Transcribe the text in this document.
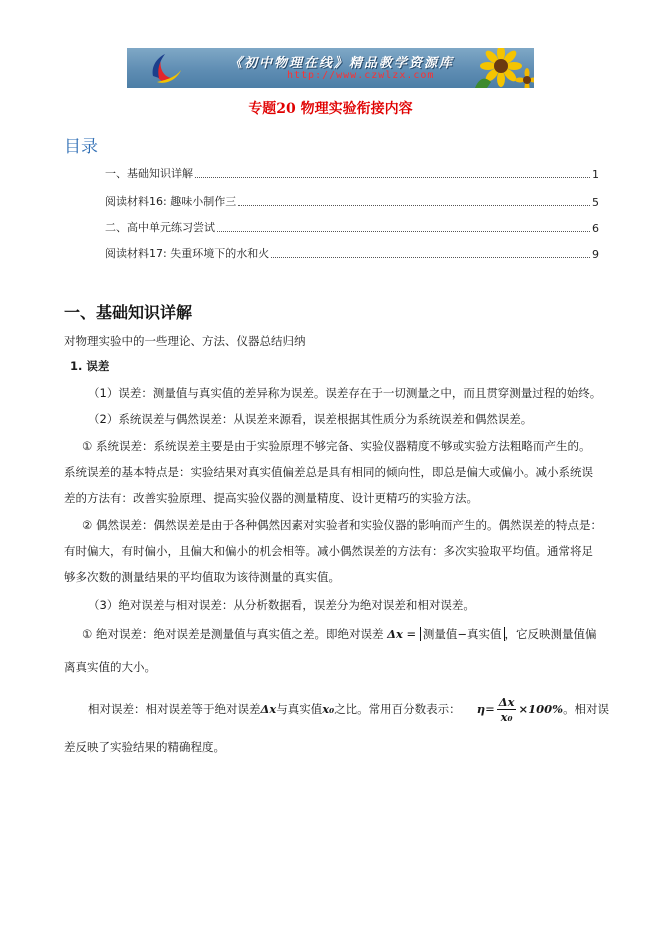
《初中物理在线》精品教学资源库
http://www.czwlzx.com
专题20 物理实验衔接内容
目录
一、基础知识详解	1
阅读材料16: 趣味小制作三	5
二、高中单元练习尝试	6
阅读材料17: 失重环境下的水和火	9
一、基础知识详解
对物理实验中的一些理论、方法、仪器总结归纳
1. 误差
（1）误差：测量值与真实值的差异称为误差。误差存在于一切测量之中，而且贯穿测量过程的始终。
（2）系统误差与偶然误差：从误差来源看，误差根据其性质分为系统误差和偶然误差。
① 系统误差：系统误差主要是由于实验原理不够完备、实验仪器精度不够或实验方法粗略而产生的。
系统误差的基本特点是：实验结果对真实值偏差总是具有相同的倾向性，即总是偏大或偏小。减小系统误
差的方法有：改善实验原理、提高实验仪器的测量精度、设计更精巧的实验方法。
② 偶然误差：偶然误差是由于各种偶然因素对实验者和实验仪器的影响而产生的。偶然误差的特点是：
有时偏大，有时偏小，且偏大和偏小的机会相等。减小偶然误差的方法有：多次实验取平均值。通常将足
够多次数的测量结果的平均值取为该待测量的真实值。
（3）绝对误差与相对误差：从分析数据看，误差分为绝对误差和相对误差。
① 绝对误差：绝对误差是测量值与真实值之差。即绝对误差 Δx = 测量值−真实值 ，它反映测量值偏
离真实值的大小。
相对误差：相对误差等于绝对误差 Δx 与真实值 x₀ 之比。常用百分数表示： $\eta = \frac{\Delta x}{\text{x₀}} \times 100\%$ 。相对误
差反映了实验结果的精确程度。
